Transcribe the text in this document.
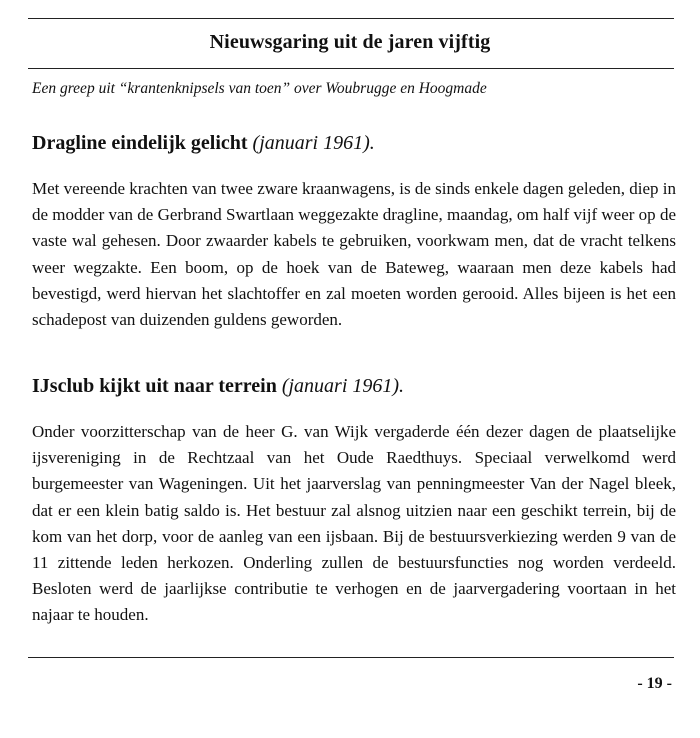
Nieuwsgaring uit de jaren vijftig
Een greep uit “krantenknipsels van toen” over Woubrugge en Hoogmade
Dragline eindelijk gelicht (januari 1961).

Met vereende krachten van twee zware kraanwagens, is de sinds enkele dagen geleden, diep in de modder van de Gerbrand Swartlaan weggezakte dragline, maandag, om half vijf weer op de vaste wal gehesen. Door zwaarder kabels te gebruiken, voorkwam men, dat de vracht telkens weer wegzakte. Een boom, op de hoek van de Bateweg, waaraan men deze kabels had bevestigd, werd hiervan het slachtoffer en zal moeten worden gerooid. Alles bijeen is het een schadepost van duizenden guldens geworden.

IJsclub kijkt uit naar terrein (januari 1961).

Onder voorzitterschap van de heer G. van Wijk vergaderde één dezer dagen de plaatselijke ijsvereniging in de Rechtzaal van het Oude Raedthuys. Speciaal verwelkomd werd burgemeester van Wageningen. Uit het jaarverslag van penningmeester Van der Nagel bleek, dat er een klein batig saldo is. Het bestuur zal alsnog uitzien naar een geschikt terrein, bij de kom van het dorp, voor de aanleg van een ijsbaan. Bij de bestuursverkiezing werden 9 van de 11 zittende leden herkozen. Onderling zullen de bestuursfuncties nog worden verdeeld. Besloten werd de jaarlijkse contributie te verhogen en de jaarvergadering voortaan in het najaar te houden.

- 19 -
